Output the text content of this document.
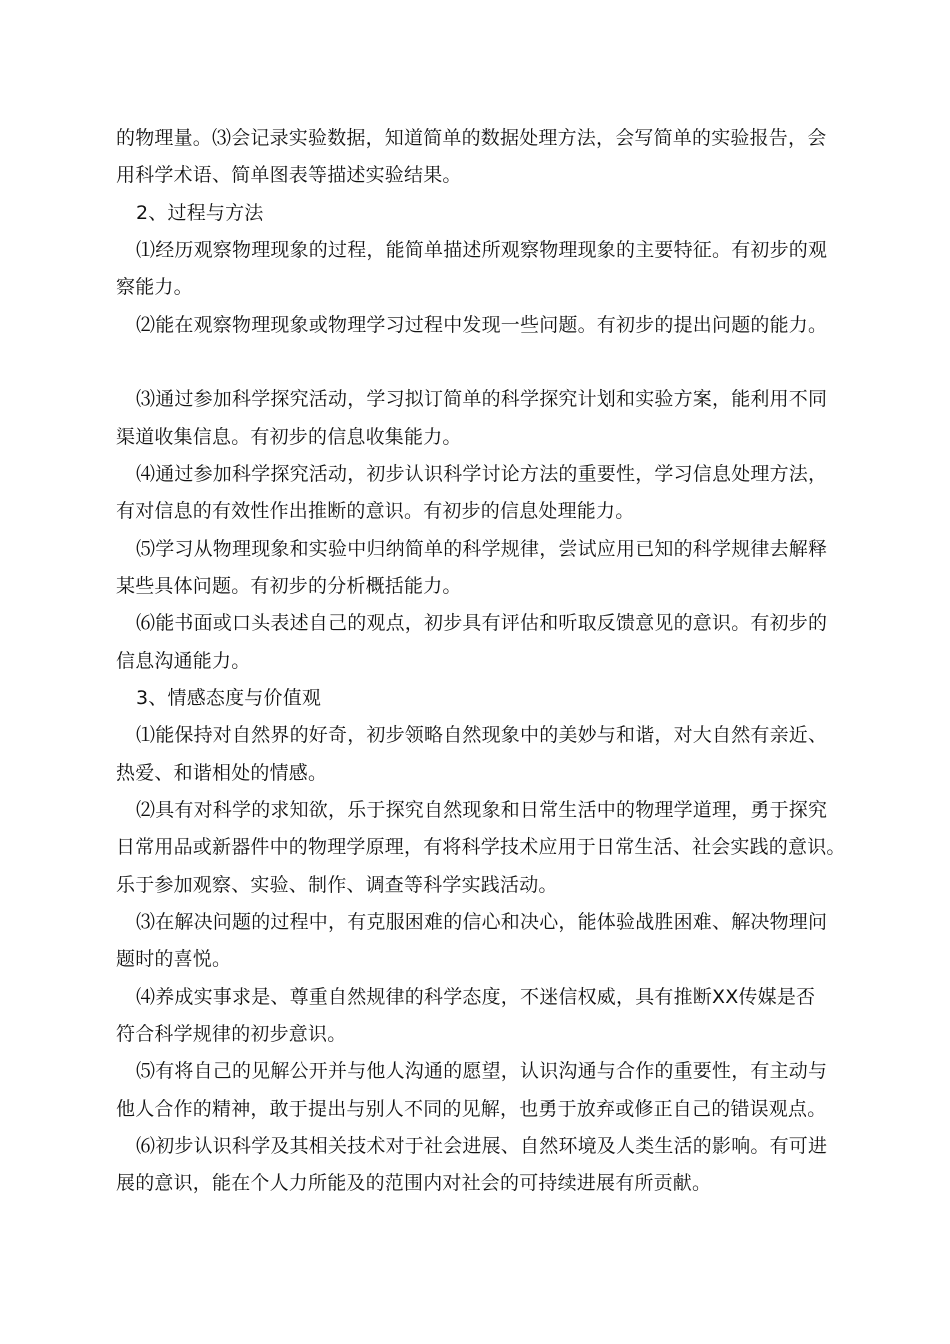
的物理量。⑶会记录实验数据，知道简单的数据处理方法，会写简单的实验报告，会
用科学术语、简单图表等描述实验结果。
2、过程与方法
⑴经历观察物理现象的过程，能简单描述所观察物理现象的主要特征。有初步的观
察能力。
⑵能在观察物理现象或物理学习过程中发现一些问题。有初步的提出问题的能力。
⑶通过参加科学探究活动，学习拟订简单的科学探究计划和实验方案，能利用不同
渠道收集信息。有初步的信息收集能力。
⑷通过参加科学探究活动，初步认识科学讨论方法的重要性，学习信息处理方法，
有对信息的有效性作出推断的意识。有初步的信息处理能力。
⑸学习从物理现象和实验中归纳简单的科学规律，尝试应用已知的科学规律去解释
某些具体问题。有初步的分析概括能力。
⑹能书面或口头表述自己的观点，初步具有评估和听取反馈意见的意识。有初步的
信息沟通能力。
3、情感态度与价值观
⑴能保持对自然界的好奇，初步领略自然现象中的美妙与和谐，对大自然有亲近、
热爱、和谐相处的情感。
⑵具有对科学的求知欲，乐于探究自然现象和日常生活中的物理学道理，勇于探究
日常用品或新器件中的物理学原理，有将科学技术应用于日常生活、社会实践的意识。
乐于参加观察、实验、制作、调查等科学实践活动。
⑶在解决问题的过程中，有克服困难的信心和决心，能体验战胜困难、解决物理问
题时的喜悦。
⑷养成实事求是、尊重自然规律的科学态度，不迷信权威，具有推断XX传媒是否
符合科学规律的初步意识。
⑸有将自己的见解公开并与他人沟通的愿望，认识沟通与合作的重要性，有主动与
他人合作的精神，敢于提出与别人不同的见解，也勇于放弃或修正自己的错误观点。
⑹初步认识科学及其相关技术对于社会进展、自然环境及人类生活的影响。有可进
展的意识，能在个人力所能及的范围内对社会的可持续进展有所贡献。
